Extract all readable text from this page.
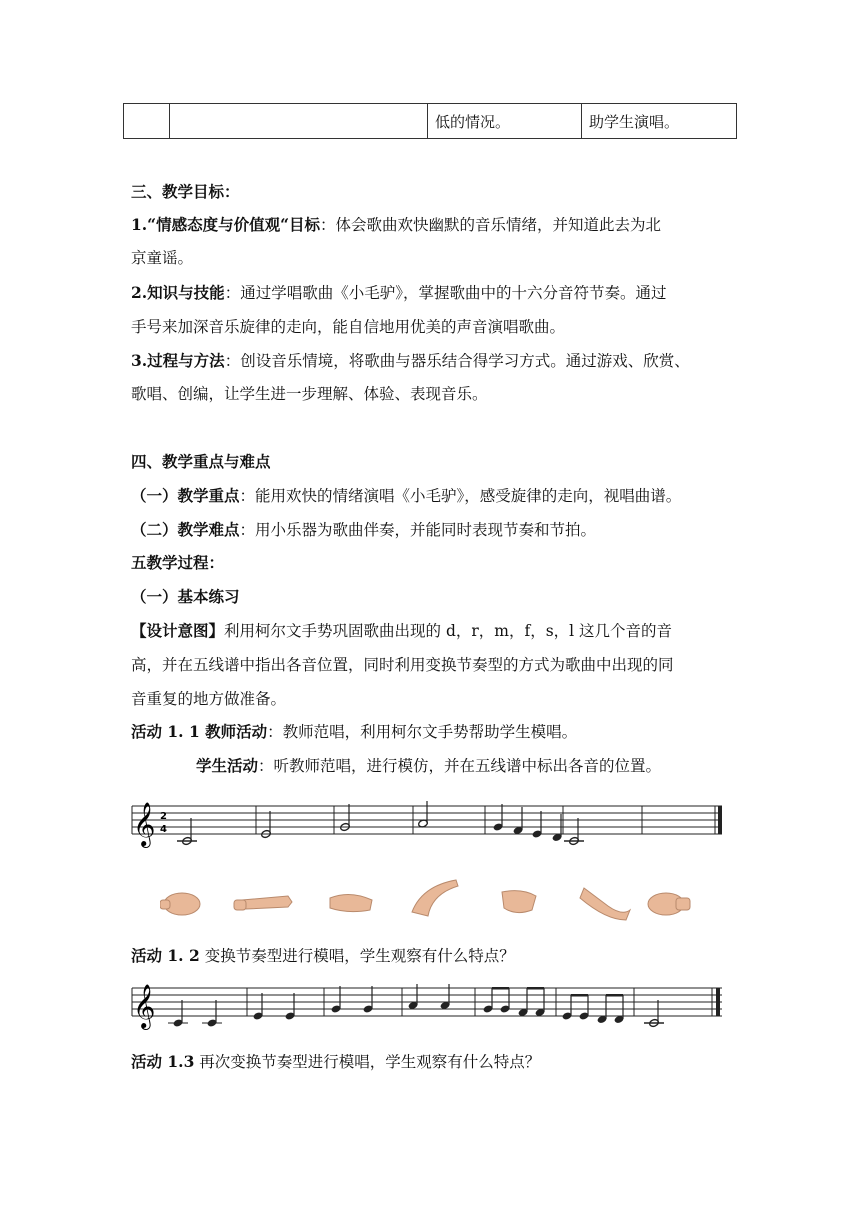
		低的情况。	助学生演唱。
三、教学目标：
1.“情感态度与价值观“目标：体会歌曲欢快幽默的音乐情绪，并知道此去为北
京童谣。
2.知识与技能：通过学唱歌曲《小毛驴》，掌握歌曲中的十六分音符节奏。通过
手号来加深音乐旋律的走向，能自信地用优美的声音演唱歌曲。
3.过程与方法：创设音乐情境，将歌曲与器乐结合得学习方式。通过游戏、欣赏、
歌唱、创编，让学生进一步理解、体验、表现音乐。
四、教学重点与难点
（一）教学重点：能用欢快的情绪演唱《小毛驴》，感受旋律的走向，视唱曲谱。
（二）教学难点：用小乐器为歌曲伴奏，并能同时表现节奏和节拍。
五教学过程：
（一）基本练习
【设计意图】利用柯尔文手势巩固歌曲出现的 d，r，m，f，s，l 这几个音的音
高，并在五线谱中指出各音位置，同时利用变换节奏型的方式为歌曲中出现的同
音重复的地方做准备。
活动 1. 1 教师活动：教师范唱，利用柯尔文手势帮助学生模唱。
学生活动：听教师范唱，进行模仿，并在五线谱中标出各音的位置。
𝄞 2
4
活动 1. 2 变换节奏型进行模唱，学生观察有什么特点？
𝄞
活动 1.3 再次变换节奏型进行模唱，学生观察有什么特点？
